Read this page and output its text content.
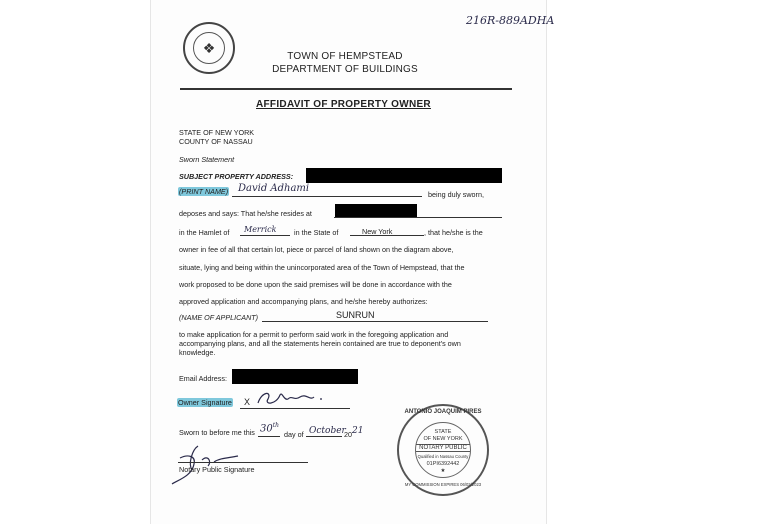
216R-889ADHA
❖
TOWN OF HEMPSTEAD
DEPARTMENT OF BUILDINGS
AFFIDAVIT OF PROPERTY OWNER
STATE OF NEW YORK
COUNTY OF NASSAU
Sworn Statement
SUBJECT PROPERTY ADDRESS:
(PRINT NAME) David Adhami
being duly sworn,
deposes and says: That he/she resides at
in the Hamlet of Merrick in the State of	New York	, that he/she is the
owner in fee of all that certain lot, piece or parcel of land shown on the diagram above,
situate, lying and being within the unincorporated area of the Town of Hempstead, that the
work proposed to be done upon the said premises will be done in accordance with the
approved application and accompanying plans, and he/she hereby authorizes:
(NAME OF APPLICANT)	SUNRUN
to make application for a permit to perform said work in the foregoing application and
accompanying plans, and all the statements herein contained are true to deponent's own
knowledge.
Email Address:
Owner Signature X
Sworn to before me this 30th
day of October
20 21
Notary Public Signature
ANTONIO JOAQUIM PIRES
STATE
OF NEW YORK
NOTARY PUBLIC
Qualified in Nassau County
01PI6392442
★
MY COMMISSION EXPIRES 06/03/2023
